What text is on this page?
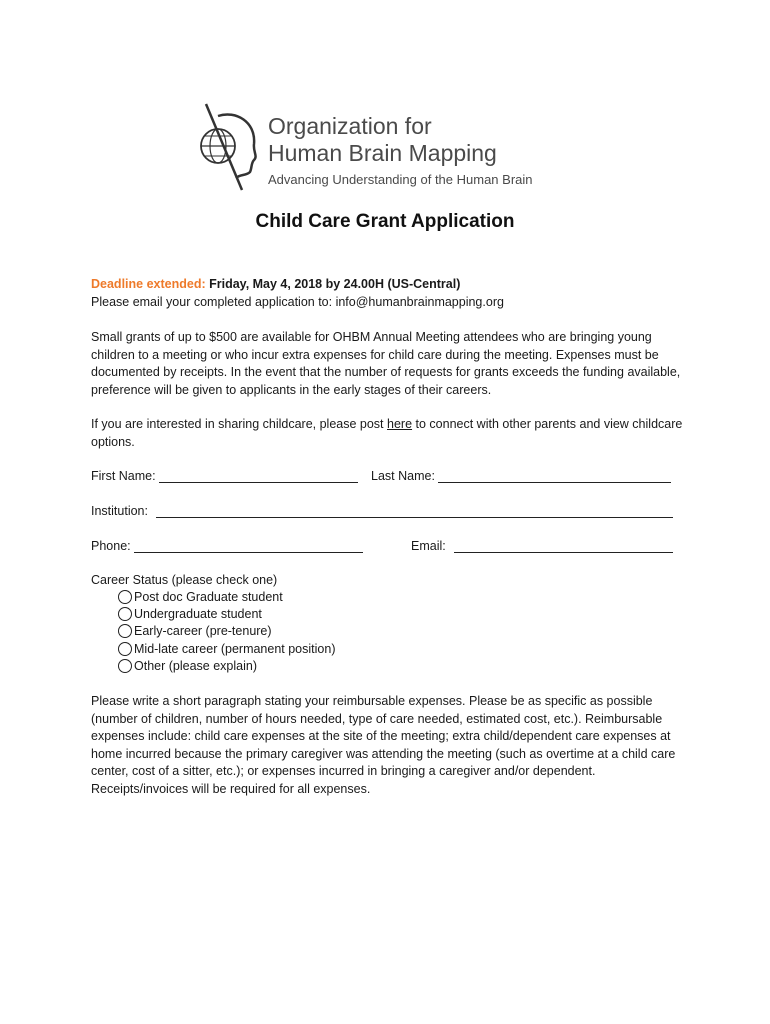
Organization for
Human Brain Mapping
Advancing Understanding of the Human Brain
Child Care Grant Application
Deadline extended: Friday, May 4, 2018 by 24.00H (US-Central)
Please email your completed application to: info@humanbrainmapping.org
Small grants of up to $500 are available for OHBM Annual Meeting attendees who are bringing young children to a meeting or who incur extra expenses for child care during the meeting. Expenses must be documented by receipts. In the event that the number of requests for grants exceeds the funding available, preference will be given to applicants in the early stages of their careers.
If you are interested in sharing childcare, please post here to connect with other parents and view childcare options.
First Name:	Last Name:
Institution:
Phone:	Email:
Career Status (please check one)
Post doc Graduate student
Undergraduate student
Early-career (pre-tenure)
Mid-late career (permanent position)
Other (please explain)
Please write a short paragraph stating your reimbursable expenses. Please be as specific as possible (number of children, number of hours needed, type of care needed, estimated cost, etc.). Reimbursable expenses include: child care expenses at the site of the meeting; extra child/dependent care expenses at home incurred because the primary caregiver was attending the meeting (such as overtime at a child care center, cost of a sitter, etc.); or expenses incurred in bringing a caregiver and/or dependent. Receipts/invoices will be required for all expenses.
